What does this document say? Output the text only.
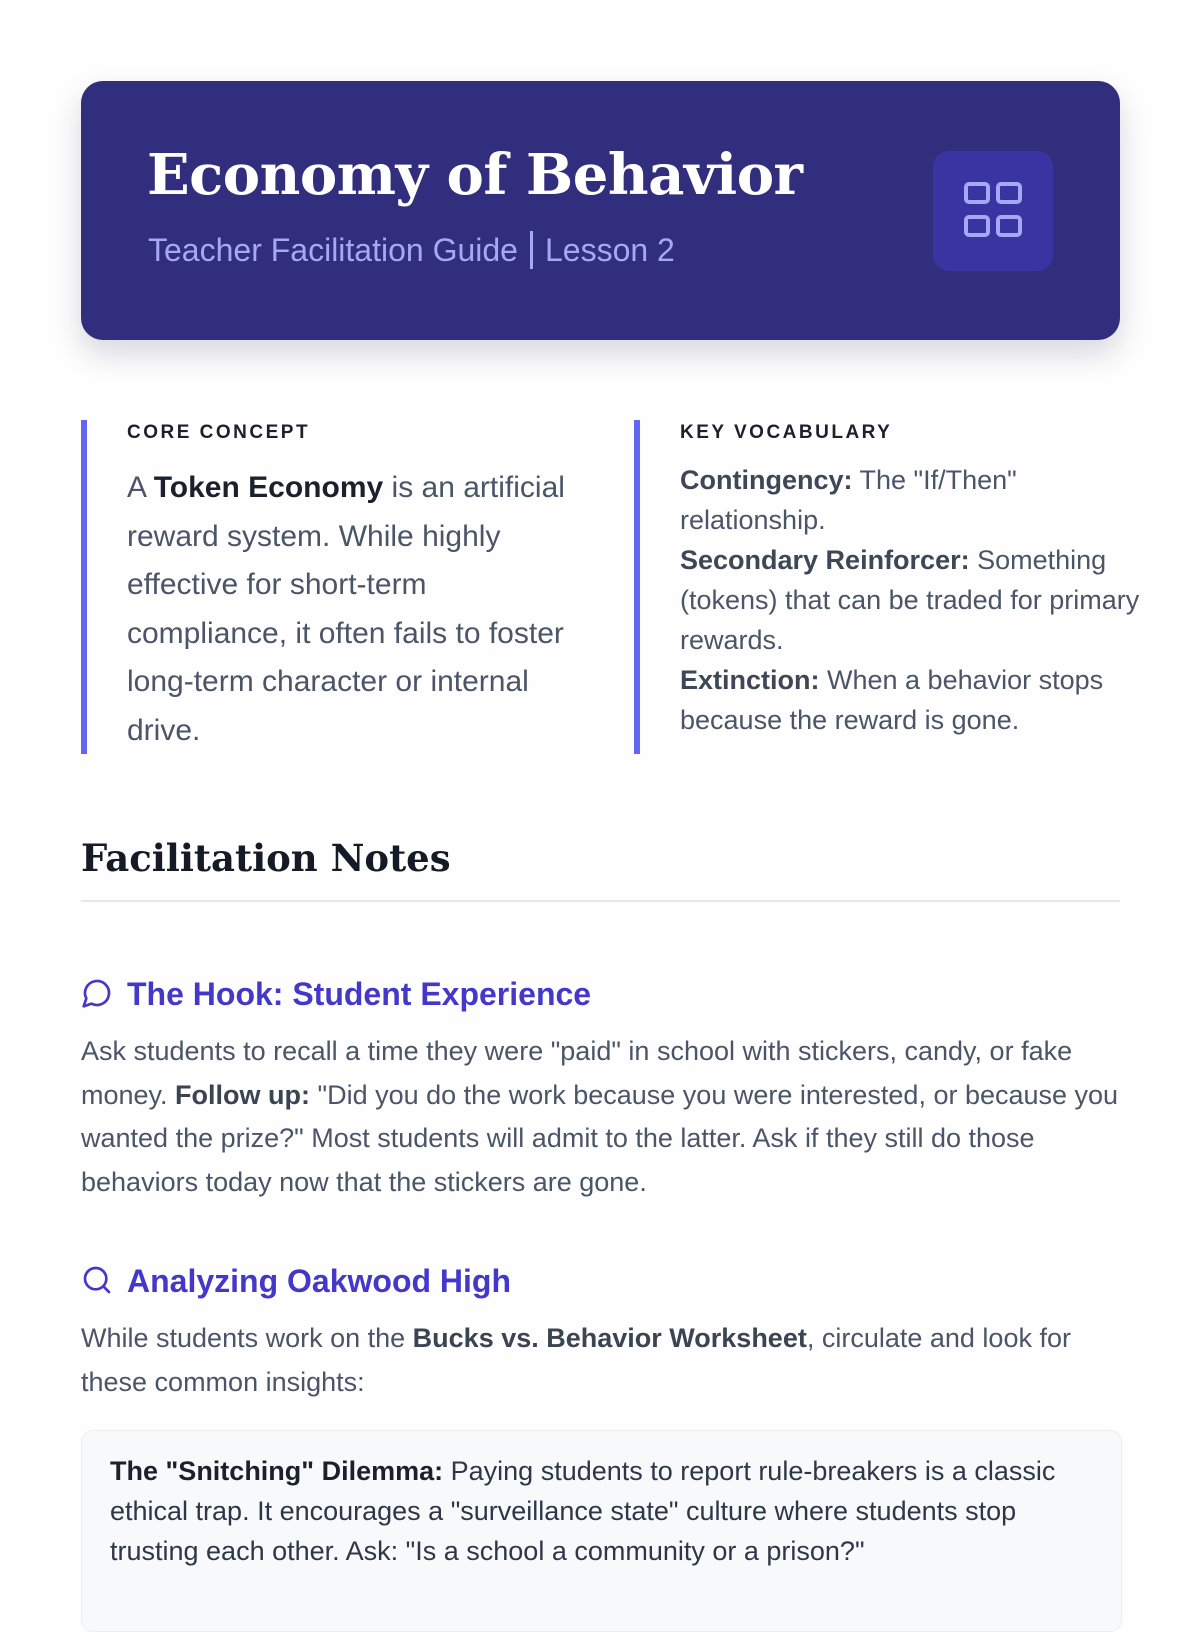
Economy of Behavior
Teacher Facilitation Guide Lesson 2
CORE CONCEPT

A Token Economy is an artificial reward system. While highly effective for short-term compliance, it often fails to foster long-term character or internal drive.

KEY VOCABULARY
Contingency: The "If/Then" relationship.
Secondary Reinforcer: Something (tokens) that can be traded for primary rewards.
Extinction: When a behavior stops because the reward is gone.
Facilitation Notes
The Hook: Student Experience

Ask students to recall a time they were "paid" in school with stickers, candy, or fake money. Follow up: "Did you do the work because you were interested, or because you wanted the prize?" Most students will admit to the latter. Ask if they still do those behaviors today now that the stickers are gone.

Analyzing Oakwood High

While students work on the Bucks vs. Behavior Worksheet, circulate and look for these common insights:

The "Snitching" Dilemma: Paying students to report rule-breakers is a classic ethical trap. It encourages a "surveillance state" culture where students stop trusting each other. Ask: "Is a school a community or a prison?"
